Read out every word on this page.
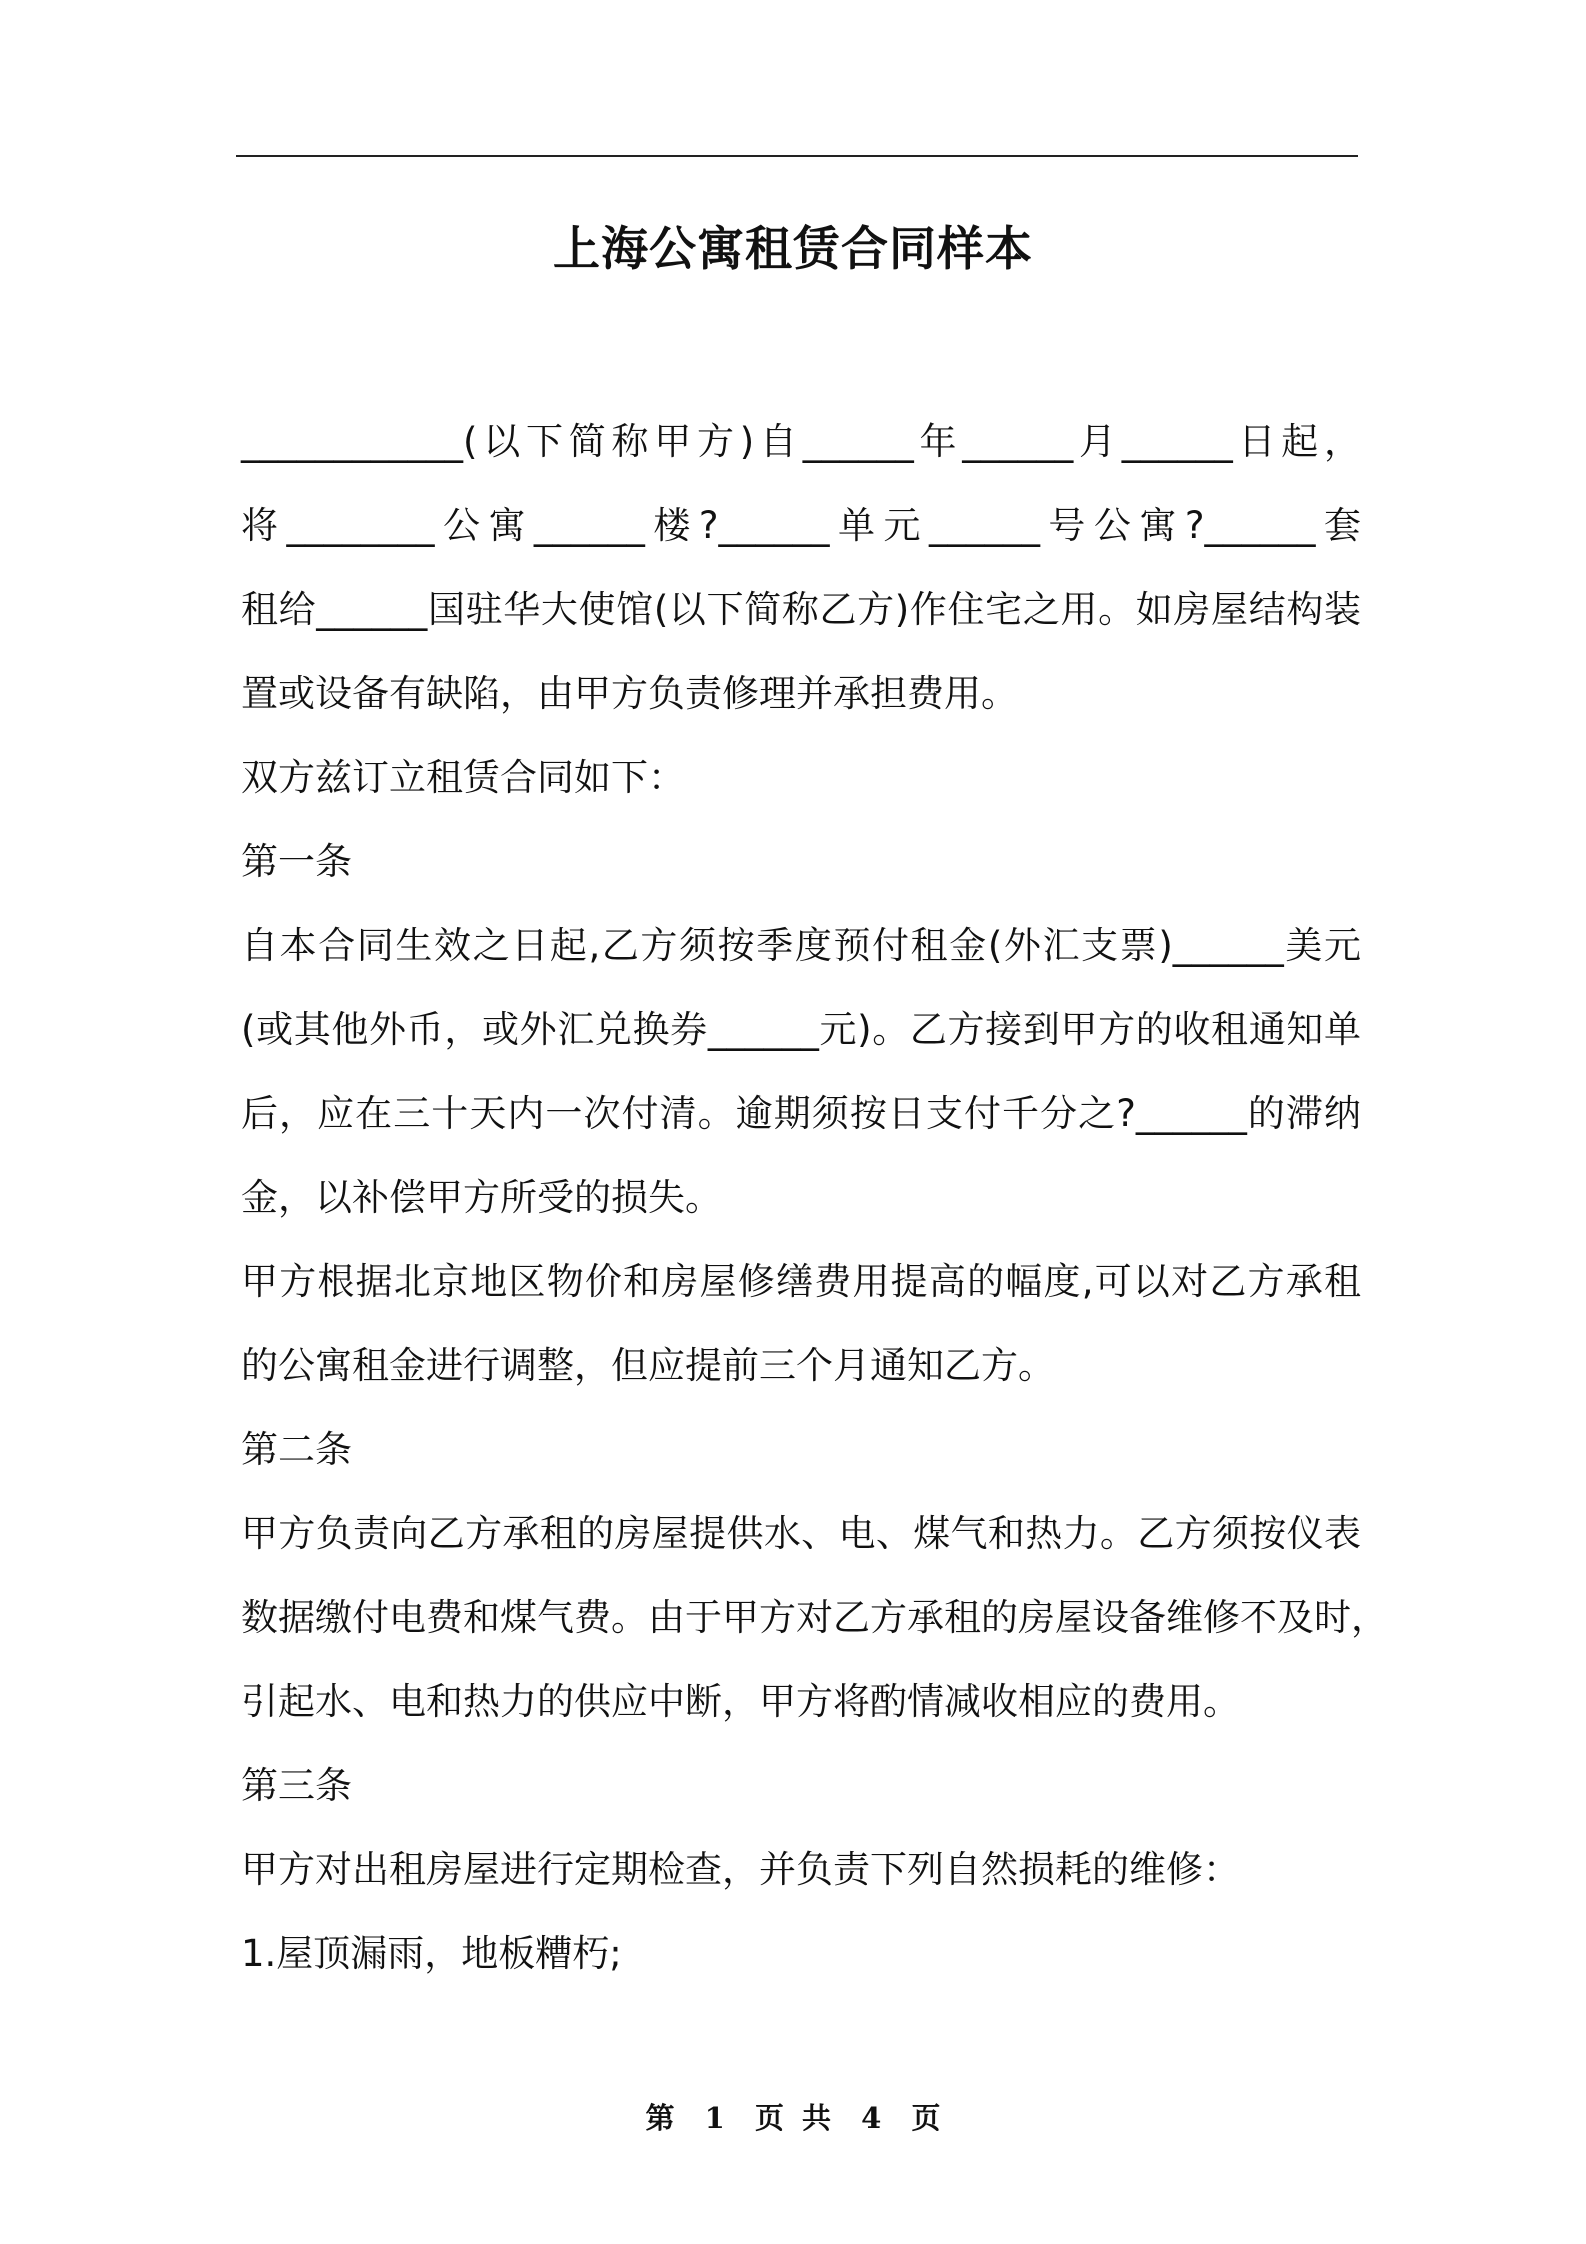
上海公寓租赁合同样本
____________(以下简称甲方)自______年______月______日起，
将________公寓______楼?______单元______号公寓?______套
租给______国驻华大使馆(以下简称乙方)作住宅之用。如房屋结构装
置或设备有缺陷，由甲方负责修理并承担费用。
双方兹订立租赁合同如下：
第一条
自本合同生效之日起,乙方须按季度预付租金(外汇支票)______美元
(或其他外币，或外汇兑换券______元)。乙方接到甲方的收租通知单
后，应在三十天内一次付清。逾期须按日支付千分之?______的滞纳
金，以补偿甲方所受的损失。
甲方根据北京地区物价和房屋修缮费用提高的幅度,可以对乙方承租
的公寓租金进行调整，但应提前三个月通知乙方。
第二条
甲方负责向乙方承租的房屋提供水、电、煤气和热力。乙方须按仪表
数据缴付电费和煤气费。由于甲方对乙方承租的房屋设备维修不及时，
引起水、电和热力的供应中断，甲方将酌情减收相应的费用。
第三条
甲方对出租房屋进行定期检查，并负责下列自然损耗的维修：
1.屋顶漏雨，地板糟朽;
第 1 页 共 4 页
